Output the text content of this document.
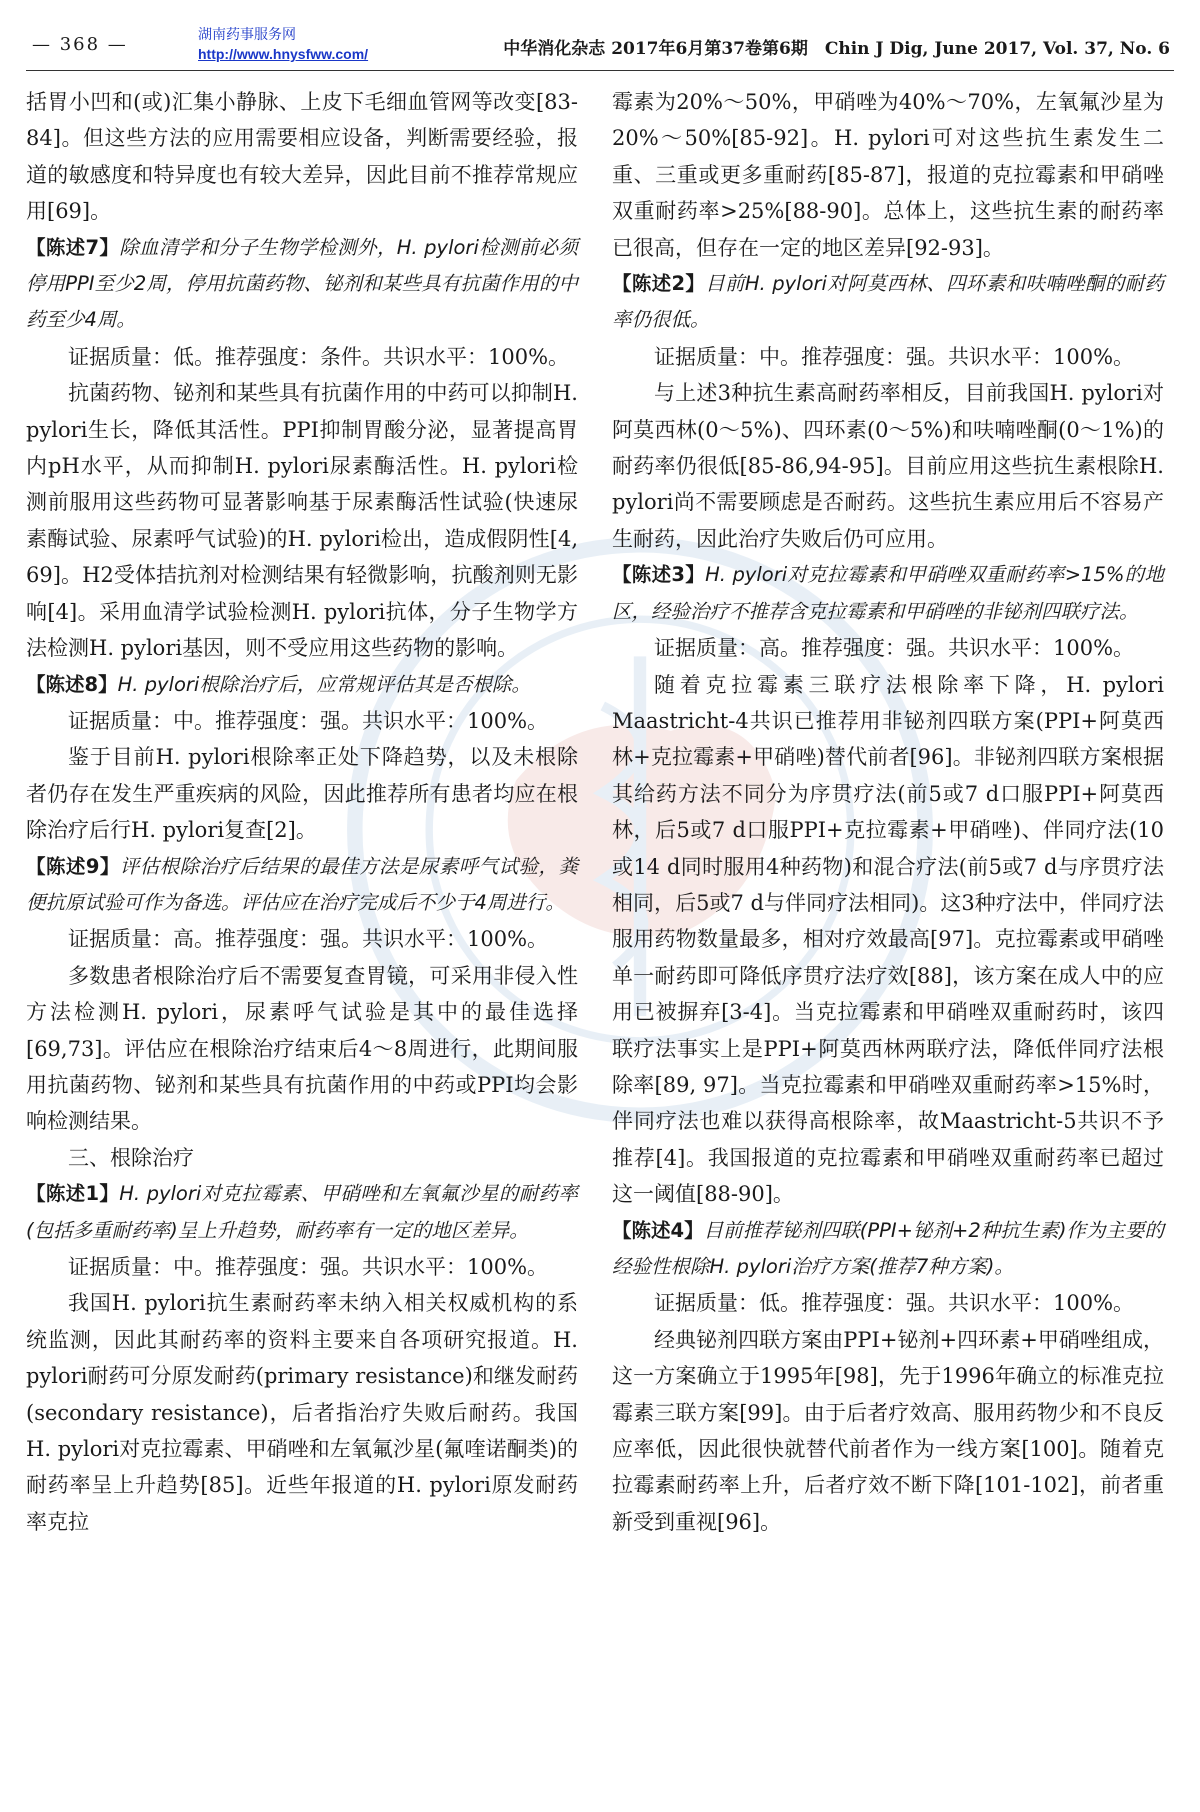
— 368 —	湖南药事服务网
http://www.hnysfww.com/	中华消化杂志 2017年6月第37卷第6期　Chin J Dig, June 2017, Vol. 37, No. 6

括胃小凹和(或)汇集小静脉、上皮下毛细血管网等改变[83-84]。但这些方法的应用需要相应设备，判断需要经验，报道的敏感度和特异度也有较大差异，因此目前不推荐常规应用[69]。

【陈述7】除血清学和分子生物学检测外，H. pylori检测前必须停用PPI至少2周，停用抗菌药物、铋剂和某些具有抗菌作用的中药至少4周。

证据质量：低。推荐强度：条件。共识水平：100%。

抗菌药物、铋剂和某些具有抗菌作用的中药可以抑制H. pylori生长，降低其活性。PPI抑制胃酸分泌，显著提高胃内pH水平，从而抑制H. pylori尿素酶活性。H. pylori检测前服用这些药物可显著影响基于尿素酶活性试验(快速尿素酶试验、尿素呼气试验)的H. pylori检出，造成假阴性[4, 69]。H2受体拮抗剂对检测结果有轻微影响，抗酸剂则无影响[4]。采用血清学试验检测H. pylori抗体，分子生物学方法检测H. pylori基因，则不受应用这些药物的影响。

【陈述8】H. pylori根除治疗后，应常规评估其是否根除。

证据质量：中。推荐强度：强。共识水平：100%。

鉴于目前H. pylori根除率正处下降趋势，以及未根除者仍存在发生严重疾病的风险，因此推荐所有患者均应在根除治疗后行H. pylori复查[2]。

【陈述9】评估根除治疗后结果的最佳方法是尿素呼气试验，粪便抗原试验可作为备选。评估应在治疗完成后不少于4周进行。

证据质量：高。推荐强度：强。共识水平：100%。

多数患者根除治疗后不需要复查胃镜，可采用非侵入性方法检测H. pylori，尿素呼气试验是其中的最佳选择[69,73]。评估应在根除治疗结束后4～8周进行，此期间服用抗菌药物、铋剂和某些具有抗菌作用的中药或PPI均会影响检测结果。

三、根除治疗

【陈述1】H. pylori对克拉霉素、甲硝唑和左氧氟沙星的耐药率(包括多重耐药率)呈上升趋势，耐药率有一定的地区差异。

证据质量：中。推荐强度：强。共识水平：100%。

我国H. pylori抗生素耐药率未纳入相关权威机构的系统监测，因此其耐药率的资料主要来自各项研究报道。H. pylori耐药可分原发耐药(primary resistance)和继发耐药(secondary resistance)，后者指治疗失败后耐药。我国H. pylori对克拉霉素、甲硝唑和左氧氟沙星(氟喹诺酮类)的耐药率呈上升趋势[85]。近些年报道的H. pylori原发耐药率克拉

霉素为20%～50%，甲硝唑为40%～70%，左氧氟沙星为20%～50%[85-92]。H. pylori可对这些抗生素发生二重、三重或更多重耐药[85-87]，报道的克拉霉素和甲硝唑双重耐药率>25%[88-90]。总体上，这些抗生素的耐药率已很高，但存在一定的地区差异[92-93]。

【陈述2】目前H. pylori对阿莫西林、四环素和呋喃唑酮的耐药率仍很低。

证据质量：中。推荐强度：强。共识水平：100%。

与上述3种抗生素高耐药率相反，目前我国H. pylori对阿莫西林(0～5%)、四环素(0～5%)和呋喃唑酮(0～1%)的耐药率仍很低[85-86,94-95]。目前应用这些抗生素根除H. pylori尚不需要顾虑是否耐药。这些抗生素应用后不容易产生耐药，因此治疗失败后仍可应用。

【陈述3】H. pylori对克拉霉素和甲硝唑双重耐药率>15%的地区，经验治疗不推荐含克拉霉素和甲硝唑的非铋剂四联疗法。

证据质量：高。推荐强度：强。共识水平：100%。

随着克拉霉素三联疗法根除率下降，H. pylori Maastricht-4共识已推荐用非铋剂四联方案(PPI+阿莫西林+克拉霉素+甲硝唑)替代前者[96]。非铋剂四联方案根据其给药方法不同分为序贯疗法(前5或7 d口服PPI+阿莫西林，后5或7 d口服PPI+克拉霉素+甲硝唑)、伴同疗法(10或14 d同时服用4种药物)和混合疗法(前5或7 d与序贯疗法相同，后5或7 d与伴同疗法相同)。这3种疗法中，伴同疗法服用药物数量最多，相对疗效最高[97]。克拉霉素或甲硝唑单一耐药即可降低序贯疗法疗效[88]，该方案在成人中的应用已被摒弃[3-4]。当克拉霉素和甲硝唑双重耐药时，该四联疗法事实上是PPI+阿莫西林两联疗法，降低伴同疗法根除率[89, 97]。当克拉霉素和甲硝唑双重耐药率>15%时，伴同疗法也难以获得高根除率，故Maastricht-5共识不予推荐[4]。我国报道的克拉霉素和甲硝唑双重耐药率已超过这一阈值[88-90]。

【陈述4】目前推荐铋剂四联(PPI+铋剂+2种抗生素)作为主要的经验性根除H. pylori治疗方案(推荐7种方案)。

证据质量：低。推荐强度：强。共识水平：100%。

经典铋剂四联方案由PPI+铋剂+四环素+甲硝唑组成，这一方案确立于1995年[98]，先于1996年确立的标准克拉霉素三联方案[99]。由于后者疗效高、服用药物少和不良反应率低，因此很快就替代前者作为一线方案[100]。随着克拉霉素耐药率上升，后者疗效不断下降[101-102]，前者重新受到重视[96]。
